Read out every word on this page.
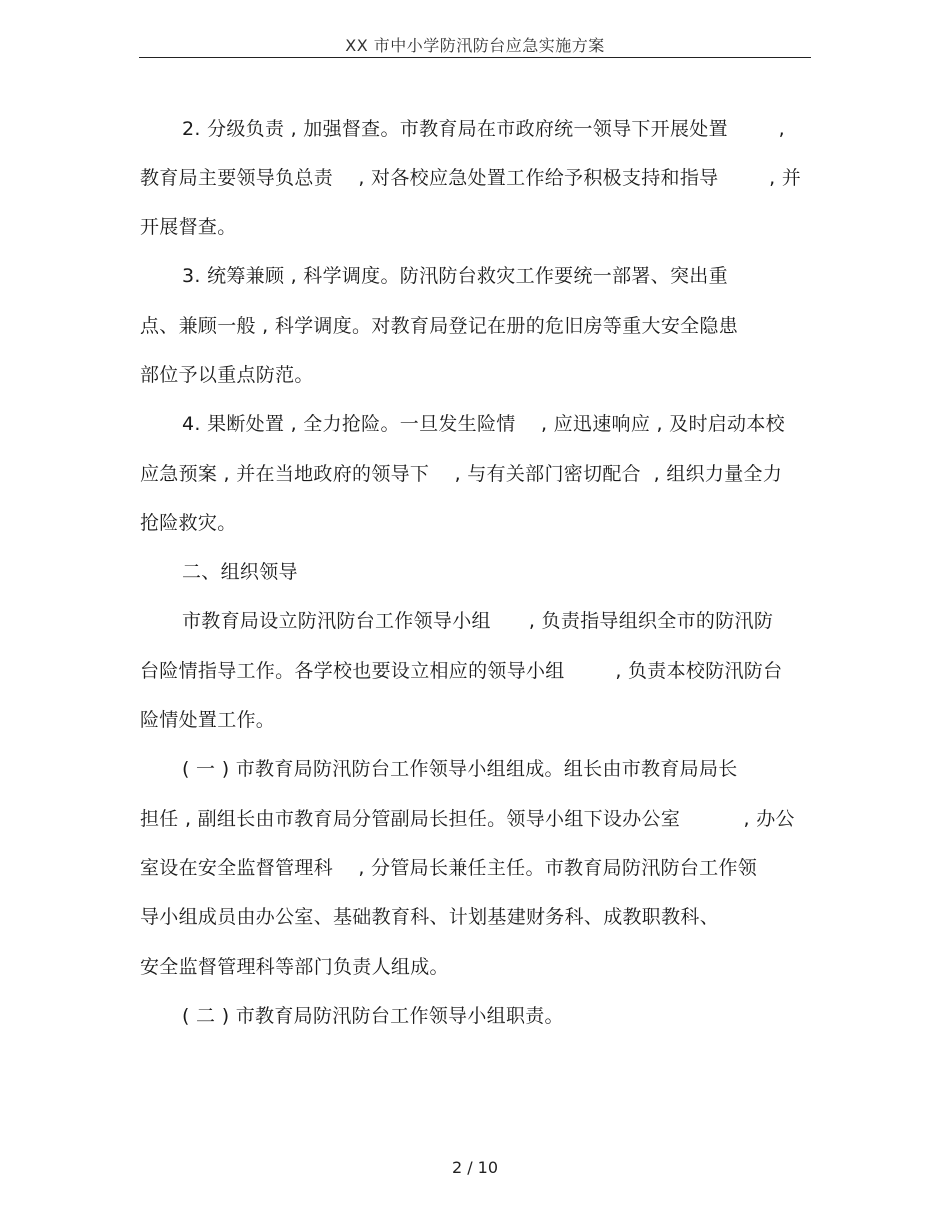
XX 市中小学防汛防台应急实施方案
2. 分级负责 , 加强督查。市教育局在市政府统一领导下开展处置        ,
教育局主要领导负总责    , 对各校应急处置工作给予积极支持和指导        , 并
开展督查。
3. 统筹兼顾 , 科学调度。防汛防台救灾工作要统一部署、突出重
点、兼顾一般 , 科学调度。对教育局登记在册的危旧房等重大安全隐患
部位予以重点防范。
4. 果断处置 , 全力抢险。一旦发生险情    , 应迅速响应 , 及时启动本校
应急预案 , 并在当地政府的领导下    , 与有关部门密切配合  , 组织力量全力
抢险救灾。
二、组织领导
市教育局设立防汛防台工作领导小组      , 负责指导组织全市的防汛防
台险情指导工作。各学校也要设立相应的领导小组        , 负责本校防汛防台
险情处置工作。
( 一 ) 市教育局防汛防台工作领导小组组成。组长由市教育局局长
担任 , 副组长由市教育局分管副局长担任。领导小组下设办公室          , 办公
室设在安全监督管理科    , 分管局长兼任主任。市教育局防汛防台工作领
导小组成员由办公室、基础教育科、计划基建财务科、成教职教科、
安全监督管理科等部门负责人组成。
( 二 ) 市教育局防汛防台工作领导小组职责。
2 / 10
